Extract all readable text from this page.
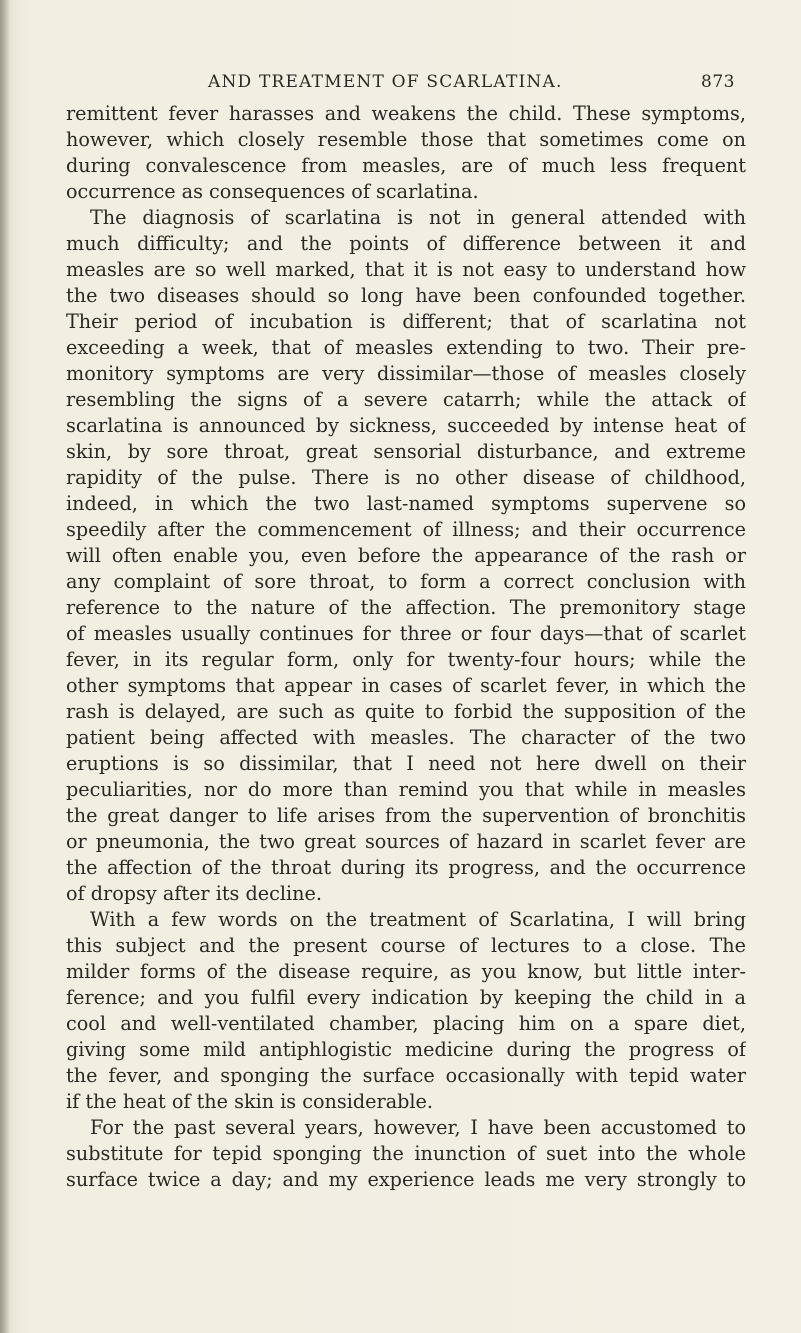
AND TREATMENT OF SCARLATINA.	873
remittent fever harasses and weakens the child. These symptoms,
however, which closely resemble those that sometimes come on
during convalescence from measles, are of much less frequent
occurrence as consequences of scarlatina.
The diagnosis of scarlatina is not in general attended with
much difficulty; and the points of difference between it and
measles are so well marked, that it is not easy to understand how
the two diseases should so long have been confounded together.
Their period of incubation is different; that of scarlatina not
exceeding a week, that of measles extending to two. Their pre-
monitory symptoms are very dissimilar—those of measles closely
resembling the signs of a severe catarrh; while the attack of
scarlatina is announced by sickness, succeeded by intense heat of
skin, by sore throat, great sensorial disturbance, and extreme
rapidity of the pulse. There is no other disease of childhood,
indeed, in which the two last-named symptoms supervene so
speedily after the commencement of illness; and their occurrence
will often enable you, even before the appearance of the rash or
any complaint of sore throat, to form a correct conclusion with
reference to the nature of the affection. The premonitory stage
of measles usually continues for three or four days—that of scarlet
fever, in its regular form, only for twenty-four hours; while the
other symptoms that appear in cases of scarlet fever, in which the
rash is delayed, are such as quite to forbid the supposition of the
patient being affected with measles. The character of the two
eruptions is so dissimilar, that I need not here dwell on their
peculiarities, nor do more than remind you that while in measles
the great danger to life arises from the supervention of bronchitis
or pneumonia, the two great sources of hazard in scarlet fever are
the affection of the throat during its progress, and the occurrence
of dropsy after its decline.
With a few words on the treatment of Scarlatina, I will bring
this subject and the present course of lectures to a close. The
milder forms of the disease require, as you know, but little inter-
ference; and you fulfil every indication by keeping the child in a
cool and well-ventilated chamber, placing him on a spare diet,
giving some mild antiphlogistic medicine during the progress of
the fever, and sponging the surface occasionally with tepid water
if the heat of the skin is considerable.
For the past several years, however, I have been accustomed to
substitute for tepid sponging the inunction of suet into the whole
surface twice a day; and my experience leads me very strongly to
